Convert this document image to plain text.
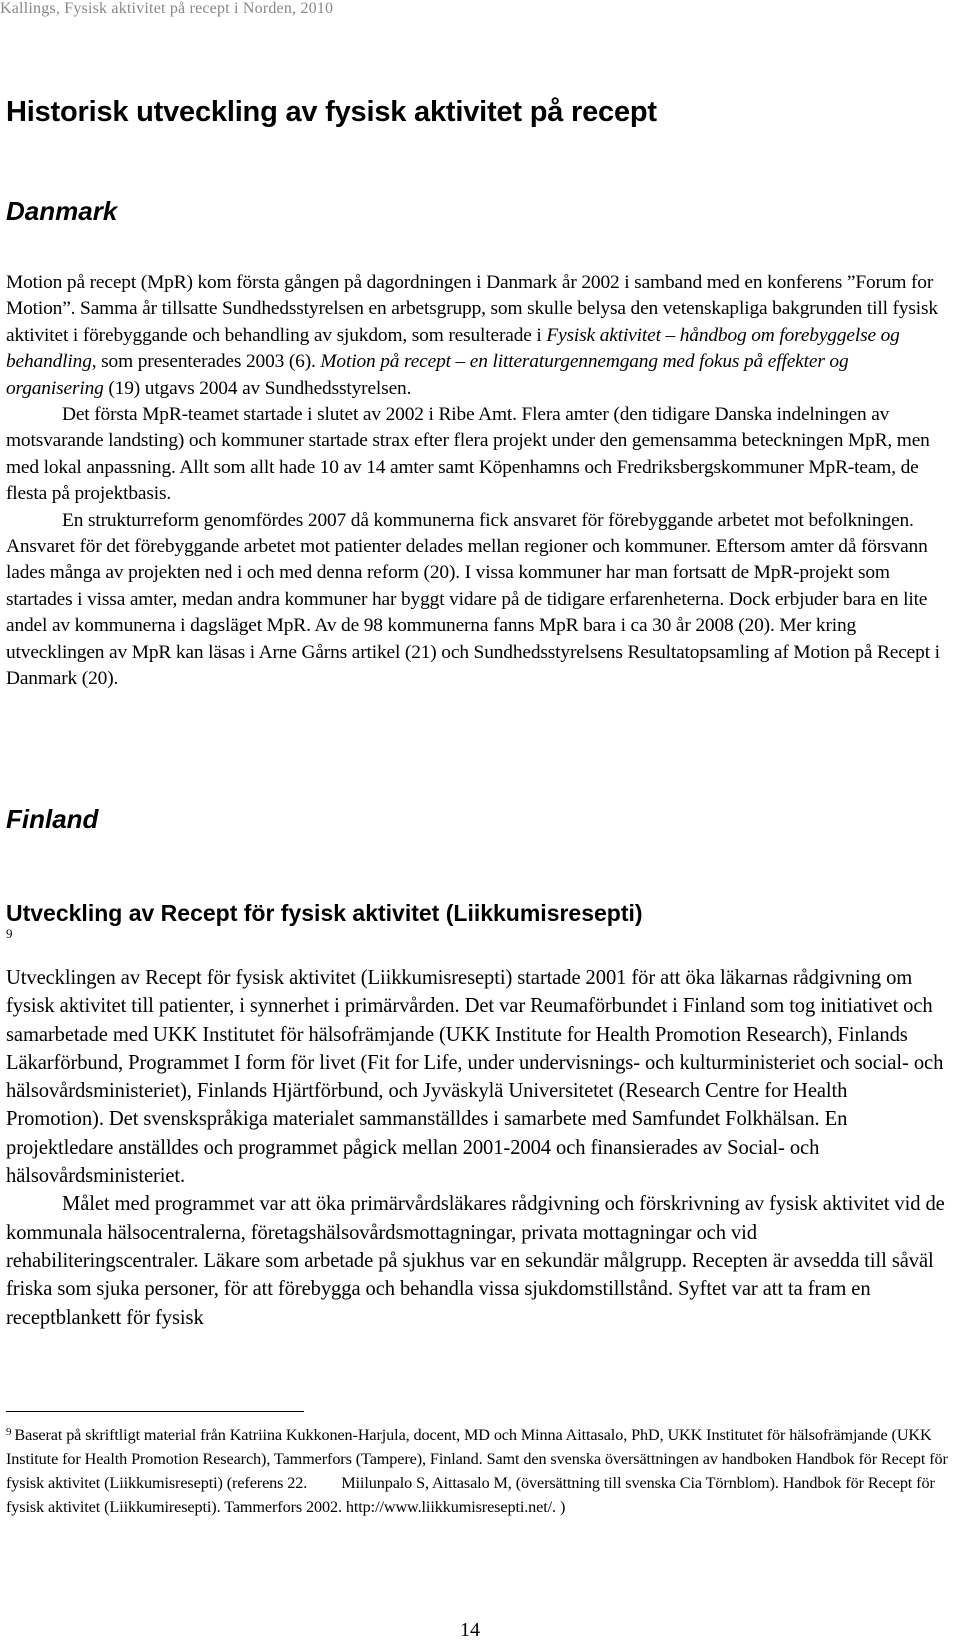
Kallings, Fysisk aktivitet på recept i Norden, 2010
Historisk utveckling av fysisk aktivitet på recept
Danmark

Motion på recept (MpR) kom första gången på dagordningen i Danmark år 2002 i samband med en konferens ”Forum for Motion”. Samma år tillsatte Sundhedsstyrelsen en arbetsgrupp, som skulle belysa den vetenskapliga bakgrunden till fysisk aktivitet i förebyggande och behandling av sjukdom, som resulterade i Fysisk aktivitet – håndbog om forebyggelse og behandling, som presenterades 2003 (6). Motion på recept – en litteraturgennemgang med fokus på effekter og organisering (19) utgavs 2004 av Sundhedsstyrelsen.

Det första MpR-teamet startade i slutet av 2002 i Ribe Amt. Flera amter (den tidigare Danska indelningen av motsvarande landsting) och kommuner startade strax efter flera projekt under den gemensamma beteckningen MpR, men med lokal anpassning. Allt som allt hade 10 av 14 amter samt Köpenhamns och Fredriksbergskommuner MpR-team, de flesta på projektbasis.

En strukturreform genomfördes 2007 då kommunerna fick ansvaret för förebyggande arbetet mot befolkningen. Ansvaret för det förebyggande arbetet mot patienter delades mellan regioner och kommuner. Eftersom amter då försvann lades många av projekten ned i och med denna reform (20). I vissa kommuner har man fortsatt de MpR-projekt som startades i vissa amter, medan andra kommuner har byggt vidare på de tidigare erfarenheterna. Dock erbjuder bara en lite andel av kommunerna i dagsläget MpR. Av de 98 kommunerna fanns MpR bara i ca 30 år 2008 (20). Mer kring utvecklingen av MpR kan läsas i Arne Gårns artikel (21) och Sundhedsstyrelsens Resultatopsamling af Motion på Recept i Danmark (20).

Finland
Utveckling av Recept för fysisk aktivitet (Liikkumisresepti)
9

Utvecklingen av Recept för fysisk aktivitet (Liikkumisresepti) startade 2001 för att öka läkarnas rådgivning om fysisk aktivitet till patienter, i synnerhet i primärvården. Det var Reumaförbundet i Finland som tog initiativet och samarbetade med UKK Institutet för hälsofrämjande (UKK Institute for Health Promotion Research), Finlands Läkarförbund, Programmet I form för livet (Fit for Life, under undervisnings- och kulturministeriet och social- och hälsovårdsministeriet), Finlands Hjärtförbund, och Jyväskylä Universitetet (Research Centre for Health Promotion). Det svenskspråkiga materialet sammanställdes i samarbete med Samfundet Folkhälsan. En projektledare anställdes och programmet pågick mellan 2001-2004 och finansierades av Social- och hälsovårdsministeriet.

Målet med programmet var att öka primärvårdsläkares rådgivning och förskrivning av fysisk aktivitet vid de kommunala hälsocentralerna, företagshälsovårdsmottagningar, privata mottagningar och vid rehabiliteringscentraler. Läkare som arbetade på sjukhus var en sekundär målgrupp. Recepten är avsedda till såväl friska som sjuka personer, för att förebygga och behandla vissa sjukdomstillstånd. Syftet var att ta fram en receptblankett för fysisk

$^9$ Baserat på skriftligt material från Katriina Kukkonen-Harjula, docent, MD och Minna Aittasalo, PhD, UKK Institutet för hälsofrämjande (UKK Institute for Health Promotion Research), Tammerfors (Tampere), Finland. Samt den svenska översättningen av handboken Handbok för Recept för fysisk aktivitet (Liikkumisresepti) (referens 22. Miilunpalo S, Aittasalo M, (översättning till svenska Cia Törnblom). Handbok för Recept för fysisk aktivitet (Liikkumiresepti). Tammerfors 2002. http://www.liikkumisresepti.net/. )
14
